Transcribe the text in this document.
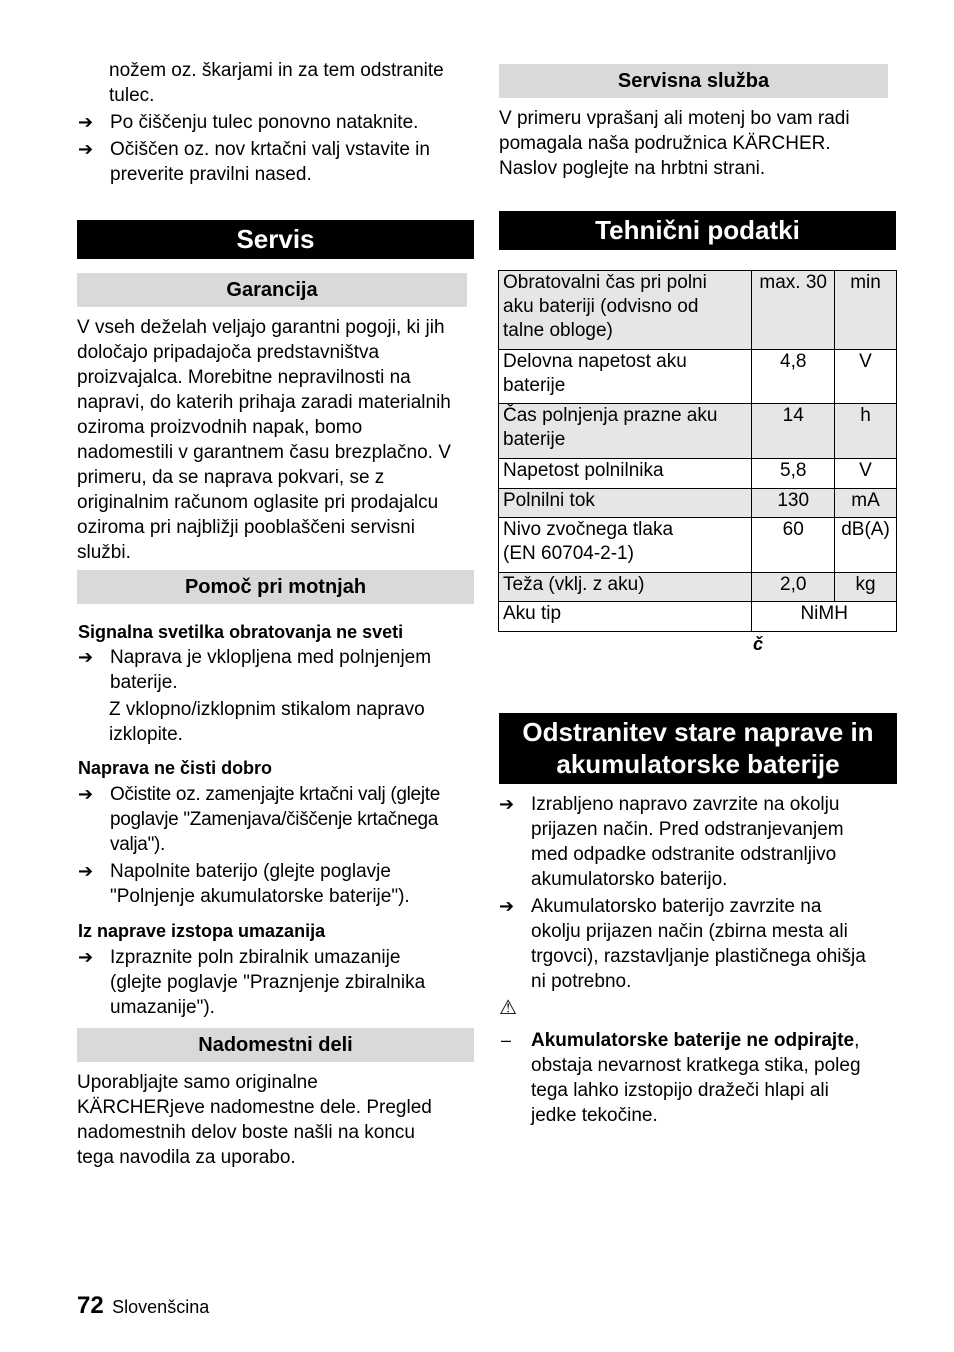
nožem oz. škarjami in za tem odstranite
tulec.
➔ Po čiščenju tulec ponovno nataknite.
➔ Očiščen oz. nov krtačni valj vstavite in
preverite pravilni nased.
Servis
Garancija
V vseh deželah veljajo garantni pogoji, ki jih
določajo pripadajoča predstavništva
proizvajalca. Morebitne nepravilnosti na
napravi, do katerih prihaja zaradi materialnih
oziroma proizvodnih napak, bomo
nadomestili v garantnem času brezplačno. V
primeru, da se naprava pokvari, se z
originalnim računom oglasite pri prodajalcu
oziroma pri najbližji pooblaščeni servisni
službi.
Pomoč pri motnjah
Signalna svetilka obratovanja ne sveti
➔ Naprava je vklopljena med polnjenjem
baterije.
Z vklopno/izklopnim stikalom napravo
izklopite.
Naprava ne čisti dobro
➔ Očistite oz. zamenjajte krtačni valj (glejte
poglavje "Zamenjava/čiščenje krtačnega
valja").
➔ Napolnite baterijo (glejte poglavje
"Polnjenje akumulatorske baterije").
Iz naprave izstopa umazanija
➔ Izpraznite poln zbiralnik umazanije
(glejte poglavje "Praznjenje zbiralnika
umazanije").
Nadomestni deli
Uporabljajte samo originalne
KÄRCHERjeve nadomestne dele. Pregled
nadomestnih delov boste našli na koncu
tega navodila za uporabo.
Servisna služba
V primeru vprašanj ali motenj bo vam radi
pomagala naša podružnica KÄRCHER.
Naslov poglejte na hrbtni strani.
Tehnični podatki
Obratovalni čas pri polni
aku bateriji (odvisno od
talne obloge)	max. 30	min

Delovna napetost aku
baterije	4,8	V

Čas polnjenja prazne aku
baterije	14	h

Napetost polnilnika	5,8	V

Polnilni tok	130	mA

Nivo zvočnega tlaka
(EN 60704-2-1)	60	dB(A)

Teža (vklj. z aku)	2,0	kg
Aku tip	NiMH	
č
Odstranitev stare naprave in
akumulatorske baterije
➔ Izrabljeno napravo zavrzite na okolju
prijazen način. Pred odstranjevanjem
med odpadke odstranite odstranljivo
akumulatorsko baterijo.
➔ Akumulatorsko baterijo zavrzite na
okolju prijazen način (zbirna mesta ali
trgovci), razstavljanje plastičnega ohišja
ni potrebno.
⚠
– Akumulatorske baterije ne odpirajte,
obstaja nevarnost kratkega stika, poleg
tega lahko izstopijo dražeči hlapi ali
jedke tekočine.
72 Slovenšcina
